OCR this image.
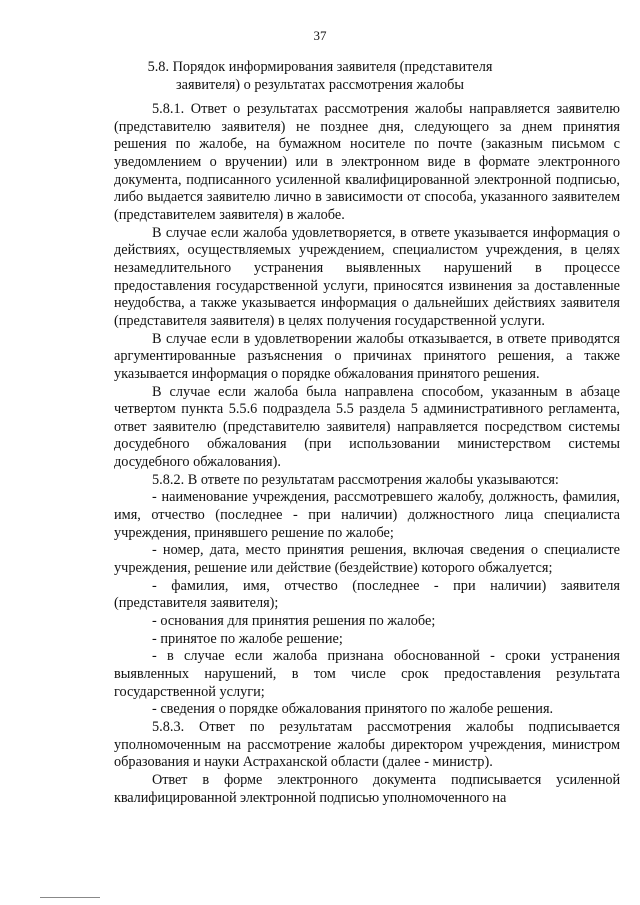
37
5.8. Порядок информирования заявителя (представителя заявителя) о результатах рассмотрения жалобы

5.8.1. Ответ о результатах рассмотрения жалобы направляется заявителю (представителю заявителя) не позднее дня, следующего за днем принятия решения по жалобе, на бумажном носителе по почте (заказным письмом с уведомлением о вручении) или в электронном виде в формате электронного документа, подписанного усиленной квалифицированной электронной подписью, либо выдается заявителю лично в зависимости от способа, указанного заявителем (представителем заявителя) в жалобе.

В случае если жалоба удовлетворяется, в ответе указывается информация о действиях, осуществляемых учреждением, специалистом учреждения, в целях незамедлительного устранения выявленных нарушений в процессе предоставления государственной услуги, приносятся извинения за доставленные неудобства, а также указывается информация о дальнейших действиях заявителя (представителя заявителя) в целях получения государственной услуги.

В случае если в удовлетворении жалобы отказывается, в ответе приводятся аргументированные разъяснения о причинах принятого решения, а также указывается информация о порядке обжалования принятого решения.

В случае если жалоба была направлена способом, указанным в абзаце четвертом пункта 5.5.6 подраздела 5.5 раздела 5 административного регламента, ответ заявителю (представителю заявителя) направляется посредством системы досудебного обжалования (при использовании министерством системы досудебного обжалования).

5.8.2. В ответе по результатам рассмотрения жалобы указываются:

- наименование учреждения, рассмотревшего жалобу, должность, фамилия, имя, отчество (последнее - при наличии) должностного лица специалиста учреждения, принявшего решение по жалобе;

- номер, дата, место принятия решения, включая сведения о специалисте учреждения, решение или действие (бездействие) которого обжалуется;

- фамилия, имя, отчество (последнее - при наличии) заявителя (представителя заявителя);

- основания для принятия решения по жалобе;

- принятое по жалобе решение;

- в случае если жалоба признана обоснованной - сроки устранения выявленных нарушений, в том числе срок предоставления результата государственной услуги;

- сведения о порядке обжалования принятого по жалобе решения.

5.8.3. Ответ по результатам рассмотрения жалобы подписывается уполномоченным на рассмотрение жалобы директором учреждения, министром образования и науки Астраханской области (далее - министр).

Ответ в форме электронного документа подписывается усиленной квалифицированной электронной подписью уполномоченного на
